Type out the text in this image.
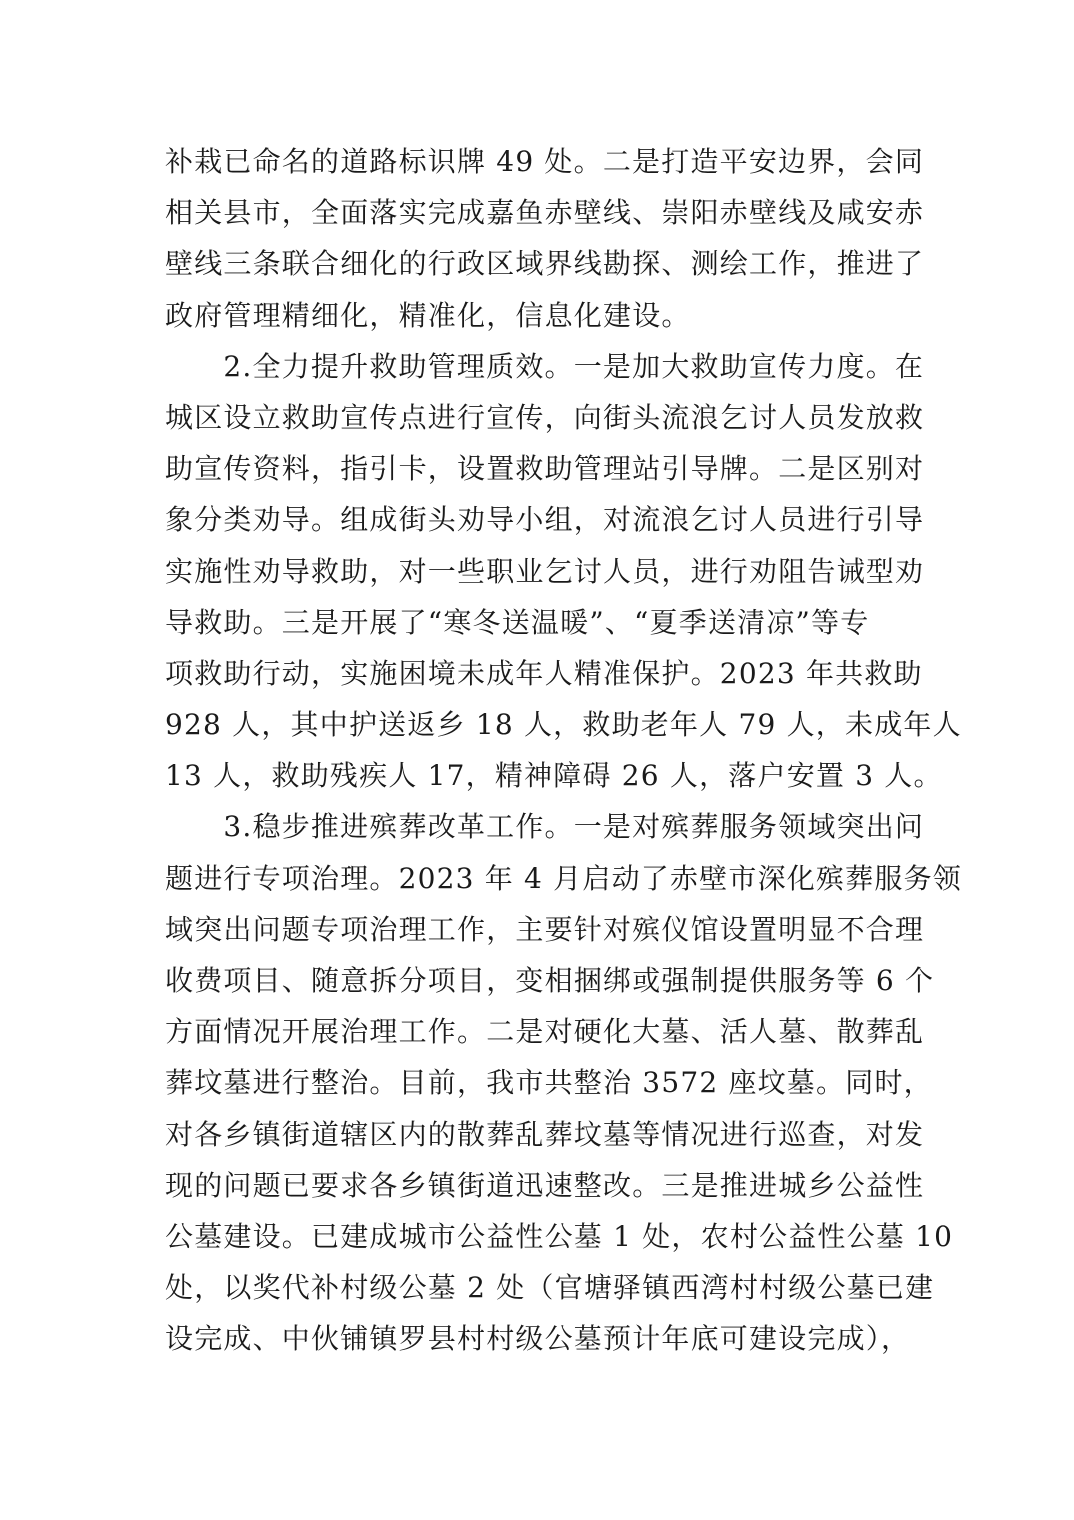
补栽已命名的道路标识牌 49 处。二是打造平安边界，会同
相关县市，全面落实完成嘉鱼赤壁线、崇阳赤壁线及咸安赤
壁线三条联合细化的行政区域界线勘探、测绘工作，推进了
政府管理精细化，精准化，信息化建设。
　　2.全力提升救助管理质效。一是加大救助宣传力度。在
城区设立救助宣传点进行宣传，向街头流浪乞讨人员发放救
助宣传资料，指引卡，设置救助管理站引导牌。二是区别对
象分类劝导。组成街头劝导小组，对流浪乞讨人员进行引导
实施性劝导救助，对一些职业乞讨人员，进行劝阻告诫型劝
导救助。三是开展了“寒冬送温暖”、“夏季送清凉”等专
项救助行动，实施困境未成年人精准保护。2023 年共救助
928 人，其中护送返乡 18 人，救助老年人 79 人，未成年人
13 人，救助残疾人 17，精神障碍 26 人，落户安置 3 人。
　　3.稳步推进殡葬改革工作。一是对殡葬服务领域突出问
题进行专项治理。2023 年 4 月启动了赤壁市深化殡葬服务领
域突出问题专项治理工作，主要针对殡仪馆设置明显不合理
收费项目、随意拆分项目，变相捆绑或强制提供服务等 6 个
方面情况开展治理工作。二是对硬化大墓、活人墓、散葬乱
葬坟墓进行整治。目前，我市共整治 3572 座坟墓。同时，
对各乡镇街道辖区内的散葬乱葬坟墓等情况进行巡查，对发
现的问题已要求各乡镇街道迅速整改。三是推进城乡公益性
公墓建设。已建成城市公益性公墓 1 处，农村公益性公墓 10
处，以奖代补村级公墓 2 处（官塘驿镇西湾村村级公墓已建
设完成、中伙铺镇罗县村村级公墓预计年底可建设完成），
